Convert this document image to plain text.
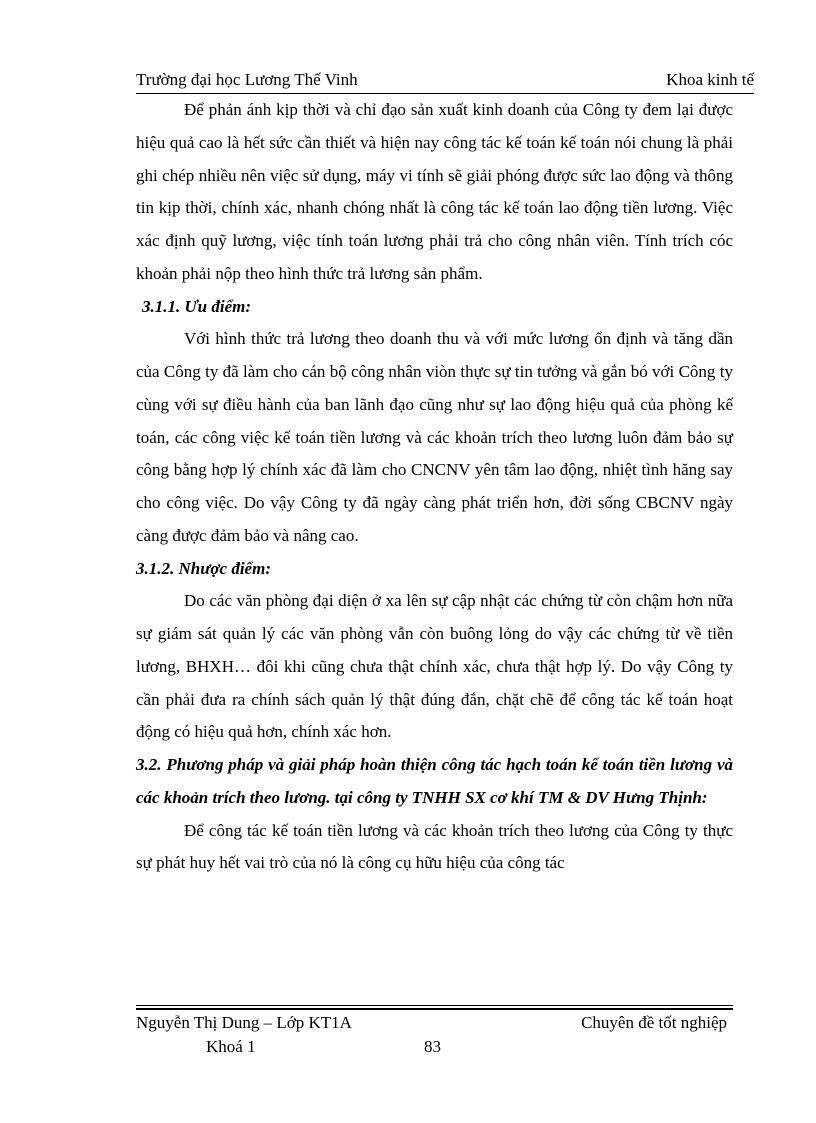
Trường đại học Lương Thế Vinh	Khoa kinh tế

Để phản ánh kịp thời và chỉ đạo sản xuất kinh doanh của Công ty đem lại được hiệu quả cao là hết sức cần thiết và hiện nay công tác kế toán kế toán nói chung là phải ghi chép nhiều nên việc sử dụng, máy vi tính sẽ giải phóng được sức lao động và thông tin kịp thời, chính xác, nhanh chóng nhất là công tác kế toán lao động tiền lương. Việc xác định quỹ lương, việc tính toán lương phải trả cho công nhân viên. Tính trích cóc khoản phải nộp theo hình thức trả lương sản phẩm.

3.1.1. Ưu điểm:

Với hình thức trả lương theo doanh thu và với mức lương ổn định và tăng dần của Công ty đã làm cho cán bộ công nhân viòn thực sự tin tưởng và gắn bó với Công ty cùng với sự điều hành của ban lãnh đạo cũng như sự lao động hiệu quả của phòng kế toán, các công việc kế toán tiền lương và các khoản trích theo lương luôn đảm bảo sự công bằng hợp lý chính xác đã làm cho CNCNV yên tâm lao động, nhiệt tình hăng say cho công việc. Do vậy Công ty đã ngày càng phát triển hơn, đời sống CBCNV ngày càng được đảm bảo và nâng cao.

3.1.2. Nhược điểm:

Do các văn phòng đại diện ở xa lên sự cập nhật các chứng từ còn chậm hơn nữa sự giám sát quản lý các văn phòng vẫn còn buông lỏng do vậy các chứng từ về tiền lương, BHXH… đôi khi cũng chưa thật chính xác, chưa thật hợp lý. Do vậy Công ty cần phải đưa ra chính sách quản lý thật đúng đắn, chặt chẽ để công tác kế toán hoạt động có hiệu quả hơn, chính xác hơn.

3.2. Phương pháp và giải pháp hoàn thiện công tác hạch toán kế toán tiền lương và các khoản trích theo lương. tại công ty TNHH SX cơ khí TM & DV Hưng Thịnh:

Để công tác kế toán tiền lương và các khoản trích theo lương của Công ty thực sự phát huy hết vai trò của nó là công cụ hữu hiệu của công tác

Nguyễn Thị Dung – Lớp KT1A	Chuyên đề tốt nghiệp
Khoá 1	83
